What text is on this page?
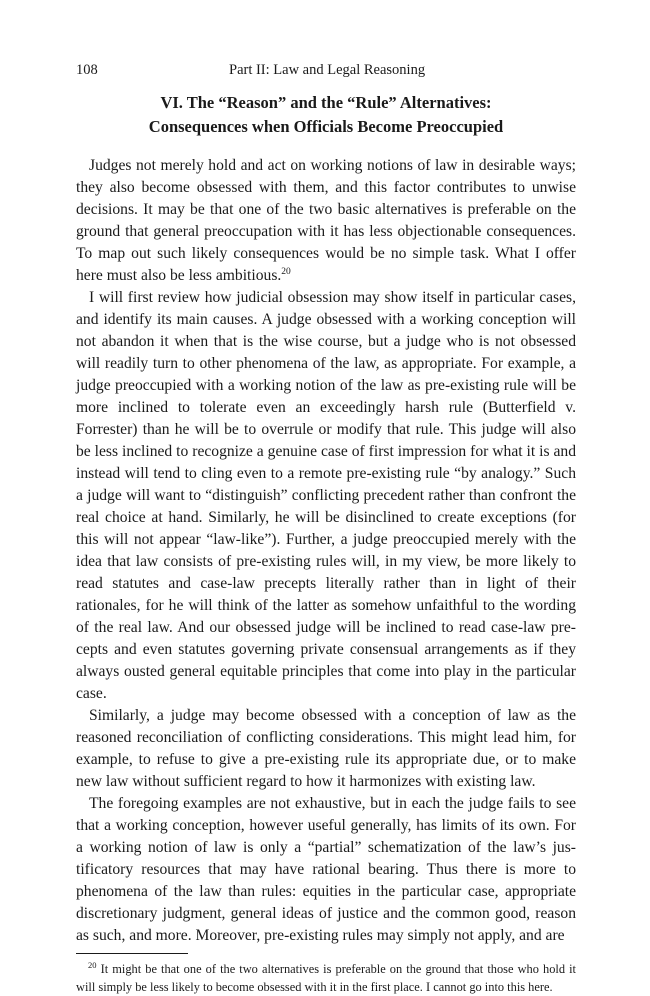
108	Part II: Law and Legal Reasoning
VI. The “Reason” and the “Rule” Alternatives:
Consequences when Officials Become Preoccupied

Judges not merely hold and act on working notions of law in desirable ways; they also become obsessed with them, and this factor contributes to unwise decisions. It may be that one of the two basic alternatives is preferable on the ground that general preoccupation with it has less objectionable consequences. To map out such likely consequences would be no simple task. What I offer here must also be less ambitious.$^{20}$

I will first review how judicial obsession may show itself in particular cases, and identify its main causes. A judge obsessed with a working conception will not abandon it when that is the wise course, but a judge who is not obsessed will readily turn to other phenomena of the law, as appropriate. For example, a judge preoccupied with a working notion of the law as pre-existing rule will be more inclined to tolerate even an exceedingly harsh rule (Butterfield v. Forrester) than he will be to overrule or modify that rule. This judge will also be less inclined to recognize a genuine case of first impression for what it is and instead will tend to cling even to a remote pre-existing rule “by analogy.” Such a judge will want to “distinguish” conflicting precedent rather than confront the real choice at hand. Similarly, he will be disinclined to create exceptions (for this will not appear “law-like”). Further, a judge preoccupied merely with the idea that law consists of pre-existing rules will, in my view, be more likely to read statutes and case-law precepts literally rather than in light of their rationales, for he will think of the latter as somehow unfaithful to the wording of the real law. And our obsessed judge will be inclined to read case-law precepts and even statutes governing private consensual arrangements as if they always ousted general equitable principles that come into play in the particular case.

Similarly, a judge may become obsessed with a conception of law as the reasoned reconciliation of conflicting considerations. This might lead him, for example, to refuse to give a pre-existing rule its appropriate due, or to make new law without sufficient regard to how it harmonizes with existing law.

The foregoing examples are not exhaustive, but in each the judge fails to see that a working conception, however useful generally, has limits of its own. For a working notion of law is only a “partial” schematization of the law’s justificatory resources that may have rational bearing. Thus there is more to phenomena of the law than rules: equities in the particular case, appropriate discretionary judgment, general ideas of justice and the common good, reason as such, and more. Moreover, pre-existing rules may simply not apply, and are

$^{20}$ It might be that one of the two alternatives is preferable on the ground that those who hold it will simply be less likely to become obsessed with it in the first place. I cannot go into this here.
